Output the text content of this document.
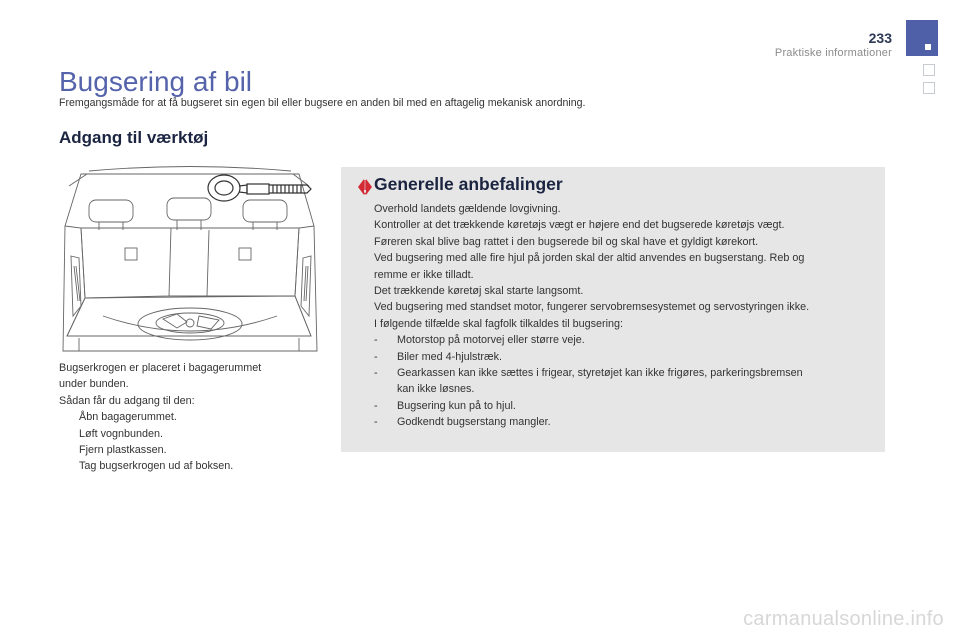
233
Praktiske informationer
Bugsering af bil

Fremgangsmåde for at få bugseret sin egen bil eller bugsere en anden bil med en aftagelig mekanisk anordning.

Adgang til værktøj

Bugserkrogen er placeret i bagagerummet

under bunden.

Sådan får du adgang til den:

Åbn bagagerummet.
Løft vognbunden.
Fjern plastkassen.
Tag bugserkrogen ud af boksen.
Generelle anbefalinger

Overhold landets gældende lovgivning.

Kontroller at det trækkende køretøjs vægt er højere end det bugserede køretøjs vægt.

Føreren skal blive bag rattet i den bugserede bil og skal have et gyldigt kørekort.

Ved bugsering med alle fire hjul på jorden skal der altid anvendes en bugserstang. Reb og

remme er ikke tilladt.

Det trækkende køretøj skal starte langsomt.

Ved bugsering med standset motor, fungerer servobremsesystemet og servostyringen ikke.

I følgende tilfælde skal fagfolk tilkaldes til bugsering:

-	Motorstop på motorvej eller større veje.
-	Biler med 4-hjulstræk.
-	Gearkassen kan ikke sættes i frigear, styretøjet kan ikke frigøres, parkeringsbremsen
kan ikke løsnes.
-	Bugsering kun på to hjul.
-	Godkendt bugserstang mangler.
carmanualsonline.info
